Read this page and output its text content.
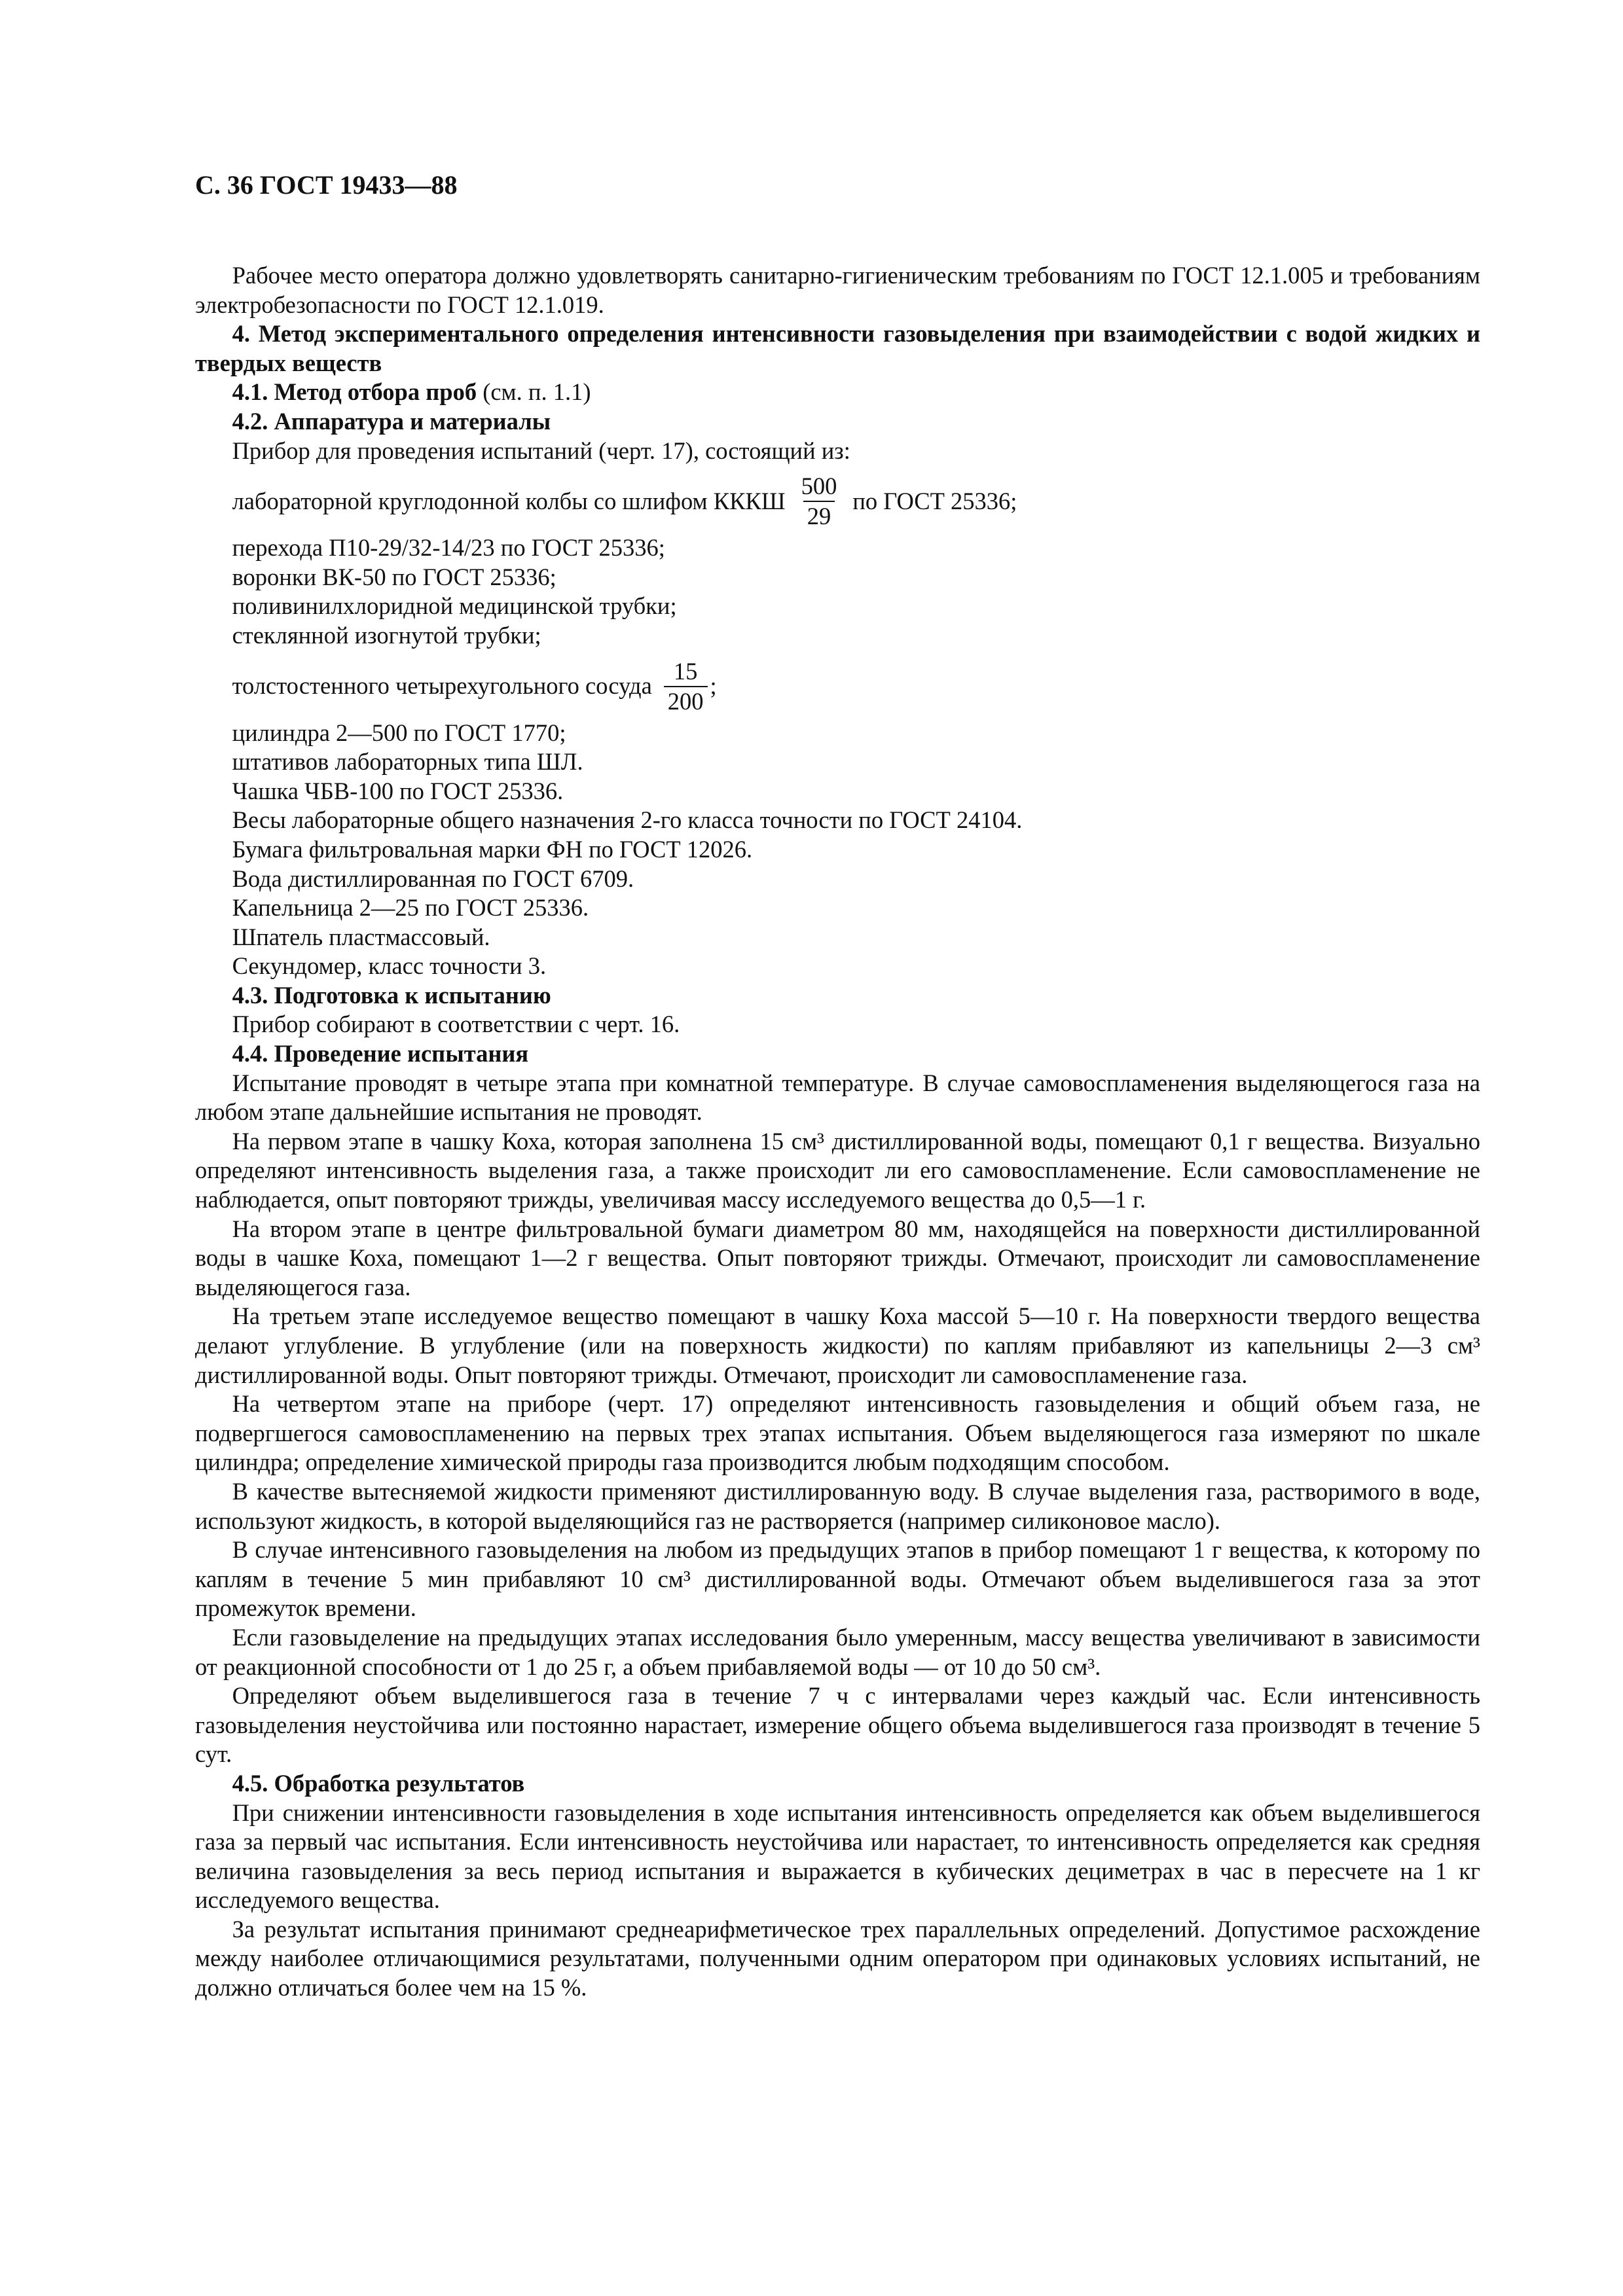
С. 36 ГОСТ 19433—88

Рабочее место оператора должно удовлетворять санитарно-гигиеническим требованиям по ГОСТ 12.1.005 и требованиям электробезопасности по ГОСТ 12.1.019.

4. Метод экспериментального определения интенсивности газовыделения при взаимодействии с водой жидких и твердых веществ

4.1. Метод отбора проб (см. п. 1.1)

4.2. Аппаратура и материалы

Прибор для проведения испытаний (черт. 17), состоящий из:

лабораторной круглодонной колбы со шлифом КККШ $\frac{500}{29}$ по ГОСТ 25336;

перехода П10-29/32-14/23 по ГОСТ 25336;

воронки ВК-50 по ГОСТ 25336;

поливинилхлоридной медицинской трубки;

стеклянной изогнутой трубки;

толстостенного четырехугольного сосуда $\frac{15}{200}$ ;

цилиндра 2—500 по ГОСТ 1770;

штативов лабораторных типа ШЛ.

Чашка ЧБВ-100 по ГОСТ 25336.

Весы лабораторные общего назначения 2-го класса точности по ГОСТ 24104.

Бумага фильтровальная марки ФН по ГОСТ 12026.

Вода дистиллированная по ГОСТ 6709.

Капельница 2—25 по ГОСТ 25336.

Шпатель пластмассовый.

Секундомер, класс точности 3.

4.3. Подготовка к испытанию

Прибор собирают в соответствии с черт. 16.

4.4. Проведение испытания

Испытание проводят в четыре этапа при комнатной температуре. В случае самовоспламенения выделяющегося газа на любом этапе дальнейшие испытания не проводят.

На первом этапе в чашку Коха, которая заполнена 15 см³ дистиллированной воды, помещают 0,1 г вещества. Визуально определяют интенсивность выделения газа, а также происходит ли его самовоспламенение. Если самовоспламенение не наблюдается, опыт повторяют трижды, увеличивая массу исследуемого вещества до 0,5—1 г.

На втором этапе в центре фильтровальной бумаги диаметром 80 мм, находящейся на поверхности дистиллированной воды в чашке Коха, помещают 1—2 г вещества. Опыт повторяют трижды. Отмечают, происходит ли самовоспламенение выделяющегося газа.

На третьем этапе исследуемое вещество помещают в чашку Коха массой 5—10 г. На поверхности твердого вещества делают углубление. В углубление (или на поверхность жидкости) по каплям прибавляют из капельницы 2—3 см³ дистиллированной воды. Опыт повторяют трижды. Отмечают, происходит ли самовоспламенение газа.

На четвертом этапе на приборе (черт. 17) определяют интенсивность газовыделения и общий объем газа, не подвергшегося самовоспламенению на первых трех этапах испытания. Объем выделяющегося газа измеряют по шкале цилиндра; определение химической природы газа производится любым подходящим способом.

В качестве вытесняемой жидкости применяют дистиллированную воду. В случае выделения газа, растворимого в воде, используют жидкость, в которой выделяющийся газ не растворяется (например силиконовое масло).

В случае интенсивного газовыделения на любом из предыдущих этапов в прибор помещают 1 г вещества, к которому по каплям в течение 5 мин прибавляют 10 см³ дистиллированной воды. Отмечают объем выделившегося газа за этот промежуток времени.

Если газовыделение на предыдущих этапах исследования было умеренным, массу вещества увеличивают в зависимости от реакционной способности от 1 до 25 г, а объем прибавляемой воды — от 10 до 50 см³.

Определяют объем выделившегося газа в течение 7 ч с интервалами через каждый час. Если интенсивность газовыделения неустойчива или постоянно нарастает, измерение общего объема выделившегося газа производят в течение 5 сут.

4.5. Обработка результатов

При снижении интенсивности газовыделения в ходе испытания интенсивность определяется как объем выделившегося газа за первый час испытания. Если интенсивность неустойчива или нарастает, то интенсивность определяется как средняя величина газовыделения за весь период испытания и выражается в кубических дециметрах в час в пересчете на 1 кг исследуемого вещества.

За результат испытания принимают среднеарифметическое трех параллельных определений. Допустимое расхождение между наиболее отличающимися результатами, полученными одним оператором при одинаковых условиях испытаний, не должно отличаться более чем на 15 %.
